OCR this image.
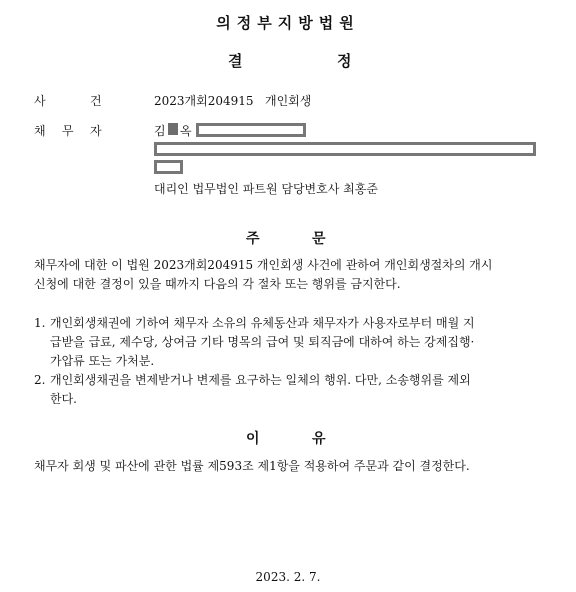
의정부지방법원
결	정
사	건	2023개회204915   개인회생
채 무 자	김 옥
대리인 법무법인 파트원 담당변호사 최홍준
주	문
채무자에 대한 이 법원 2023개회204915 개인회생 사건에 관하여 개인회생절차의 개시
신청에 대한 결정이 있을 때까지 다음의 각 절차 또는 행위를 금지한다.
1. 개인회생채권에 기하여 채무자 소유의 유체동산과 채무자가 사용자로부터 매월 지
급받을 급료, 제수당, 상여금 기타 명목의 급여 및 퇴직금에 대하여 하는 강제집행·
가압류 또는 가처분.
2. 개인회생채권을 변제받거나 변제를 요구하는 일체의 행위. 다만, 소송행위를 제외
한다.
이	유
채무자 회생 및 파산에 관한 법률 제593조 제1항을 적용하여 주문과 같이 결정한다.
2023. 2. 7.
